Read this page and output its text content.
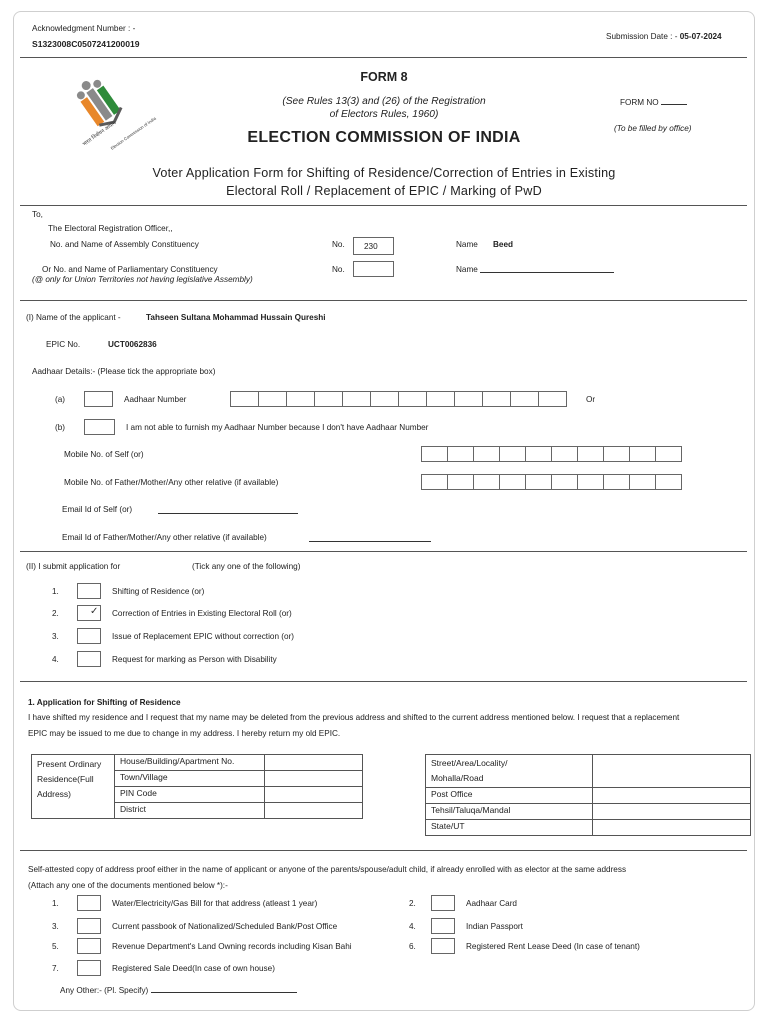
Acknowledgment Number : -
S1323008C0507241200019
Submission Date : - 05-07-2024
भारत निर्वाचन आयोग
Election Commission of India
FORM 8
(See Rules 13(3) and (26) of the Registration
of Electors Rules, 1960)
ELECTION COMMISSION OF INDIA
FORM NO
(To be filled by office)
Voter Application Form for Shifting of Residence/Correction of Entries in Existing
Electoral Roll / Replacement of EPIC / Marking of PwD
To,
The Electoral Registration Officer,,
No. and Name of Assembly Constituency	No.	230	Name Beed
Or No. and Name of Parliamentary Constituency
(@ only for Union Territories not having legislative Assembly)
No.	Name
(I) Name of the applicant -	Tahseen Sultana Mohammad Hussain Qureshi
EPIC No.	UCT0062836
Aadhaar Details:- (Please tick the appropriate box)
(a)	Aadhaar Number	Or
(b)	I am not able to furnish my Aadhaar Number because I don't have Aadhaar Number
Mobile No. of Self (or)
Mobile No. of Father/Mother/Any other relative (if available)
Email Id of Self (or)
Email Id of Father/Mother/Any other relative (if available)
(II) I submit application for	(Tick any one of the following)
1.	Shifting of Residence (or)
2.	✓ Correction of Entries in Existing Electoral Roll (or)
3.	Issue of Replacement EPIC without correction (or)
4.	Request for marking as Person with Disability
1. Application for Shifting of Residence
I have shifted my residence and I request that my name may be deleted from the previous address and shifted to the current address mentioned below. I request that a replacement
EPIC may be issued to me due to change in my address. I hereby return my old EPIC.
Present Ordinary
Residence(Full
Address)	House/Building/Apartment No.	
	Town/Village	
	PIN Code	
	District	
Street/Area/Locality/
Mohalla/Road	

Post Office	
Tehsil/Taluqa/Mandal	
State/UT	
Self-attested copy of address proof either in the name of applicant or anyone of the parents/spouse/adult child, if already enrolled with as elector at the same address
(Attach any one of the documents mentioned below *):-
1.	Water/Electricity/Gas Bill for that address (atleast 1 year)	2.	Aadhaar Card
3.	Current passbook of Nationalized/Scheduled Bank/Post Office	4.	Indian Passport
5.	Revenue Department's Land Owning records including Kisan Bahi	6.	Registered Rent Lease Deed (In case of tenant)
7.	Registered Sale Deed(In case of own house)
Any Other:- (Pl. Specify)
